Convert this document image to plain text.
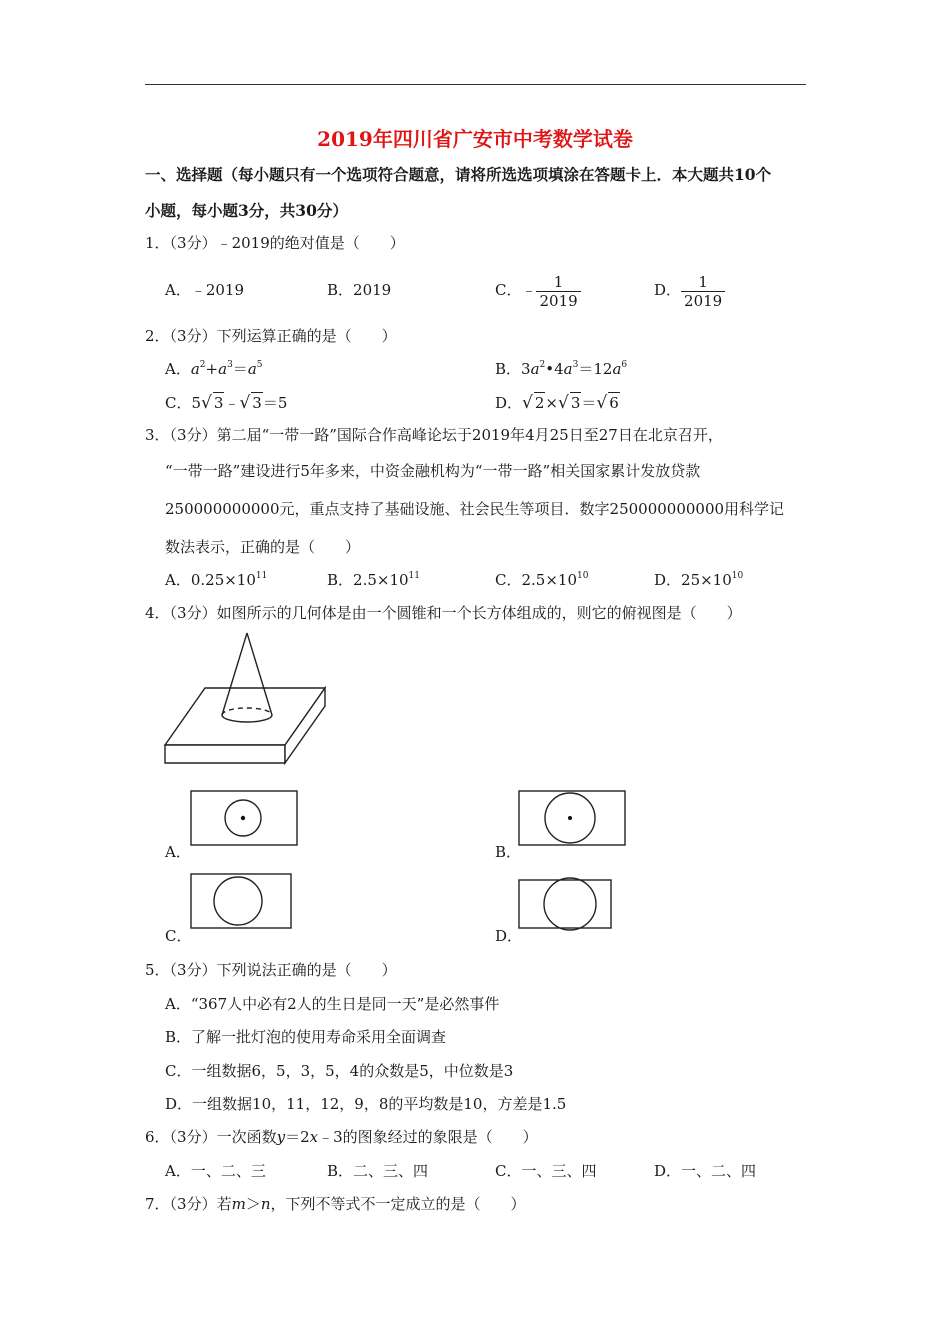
2019年四川省广安市中考数学试卷
一、选择题（每小题只有一个选项符合题意，请将所选选项填涂在答题卡上．本大题共10个
小题，每小题3分，共30分）
1．（3分）﹣2019的绝对值是（　　）
A．﹣2019	B．2019	C．﹣ $\frac{1}{2019}$	D． $\frac{1}{2019}$
2．（3分）下列运算正确的是（　　）
A．$a^2+a^3=a^5$	B．$3a^2•4a^3=12a^6$
C．5√ 3﹣√ 3＝5	D．√ 2×√ 3＝√ 6
3．（3分）第二届“一带一路”国际合作高峰论坛于2019年4月25日至27日在北京召开，
“一带一路”建设进行5年多来，中资金融机构为“一带一路”相关国家累计发放贷款
250000000000元，重点支持了基础设施、社会民生等项目．数字250000000000用科学记
数法表示，正确的是（　　）
A．$0.25\times 10^{11}$	B．$2.5\times 10^{11}$	C．$2.5\times 10^{10}$	D．$25\times 10^{10}$
4．（3分）如图所示的几何体是由一个圆锥和一个长方体组成的，则它的俯视图是（　　）
A．	B．
C．	D．
5．（3分）下列说法正确的是（　　）
A．“367人中必有2人的生日是同一天”是必然事件
B．了解一批灯泡的使用寿命采用全面调查
C．一组数据6，5，3，5，4的众数是5，中位数是3
D．一组数据10，11，12，9，8的平均数是10，方差是1.5
6．（3分）一次函数y＝2x﹣3的图象经过的象限是（　　）
A．一、二、三	B．二、三、四	C．一、三、四	D．一、二、四
7．（3分）若m＞n，下列不等式不一定成立的是（　　）
